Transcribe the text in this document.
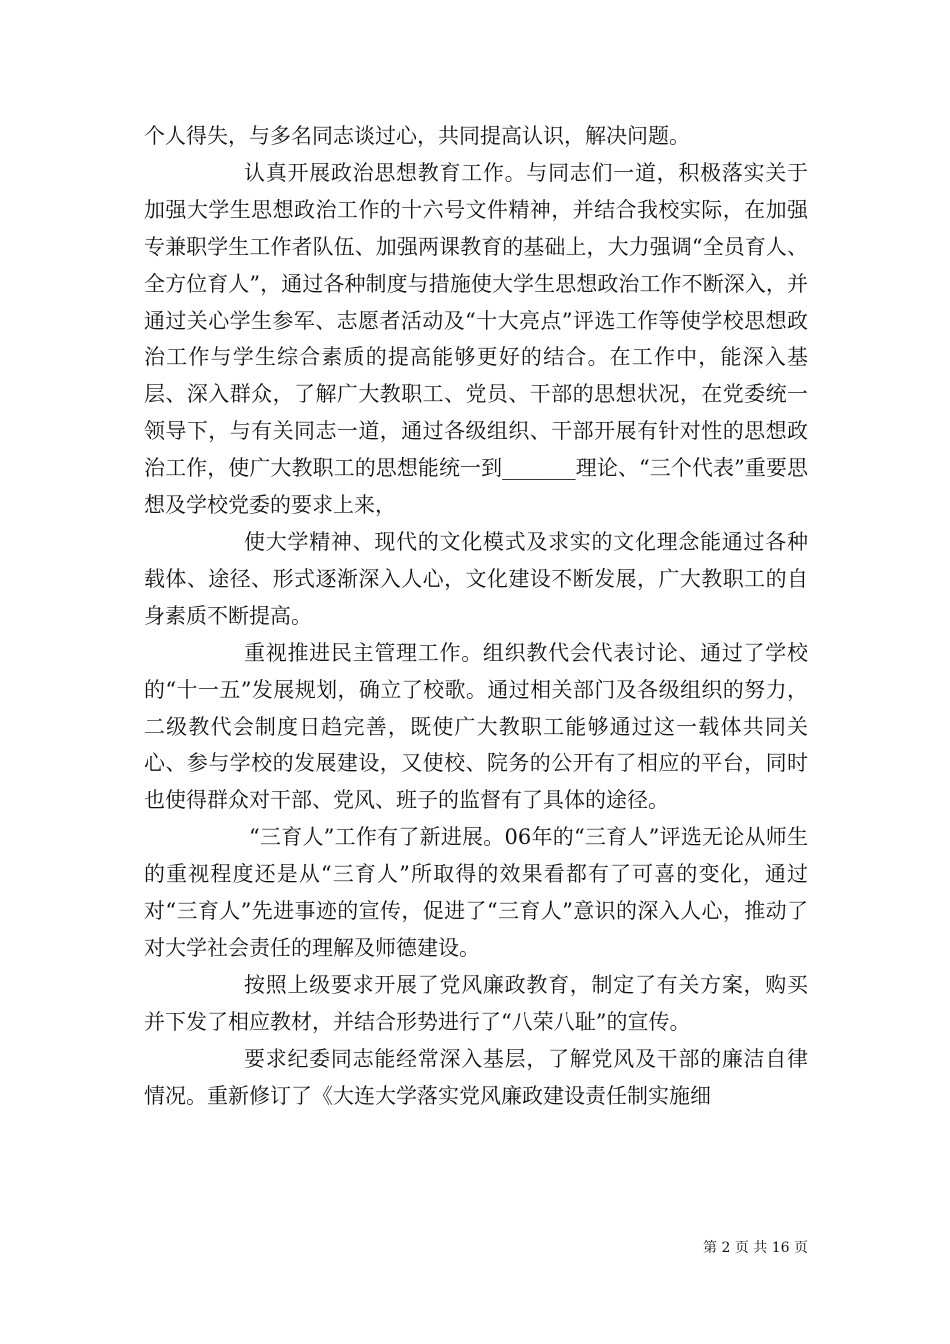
个人得失，与多名同志谈过心，共同提高认识，解决问题。

认真开展政治思想教育工作。与同志们一道，积极落实关于加强大学生思想政治工作的十六号文件精神，并结合我校实际，在加强专兼职学生工作者队伍、加强两课教育的基础上，大力强调“全员育人、全方位育人”，通过各种制度与措施使大学生思想政治工作不断深入，并通过关心学生参军、志愿者活动及“十大亮点”评选工作等使学校思想政治工作与学生综合素质的提高能够更好的结合。在工作中，能深入基层、深入群众，了解广大教职工、党员、干部的思想状况，在党委统一领导下，与有关同志一道，通过各级组织、干部开展有针对性的思想政治工作，使广大教职工的思想能统一到_______理论、“三个代表”重要思想及学校党委的要求上来，

使大学精神、现代的文化模式及求实的文化理念能通过各种载体、途径、形式逐渐深入人心，文化建设不断发展，广大教职工的自身素质不断提高。

重视推进民主管理工作。组织教代会代表讨论、通过了学校的“十一五”发展规划，确立了校歌。通过相关部门及各级组织的努力，二级教代会制度日趋完善，既使广大教职工能够通过这一载体共同关心、参与学校的发展建设，又使校、院务的公开有了相应的平台，同时也使得群众对干部、党风、班子的监督有了具体的途径。

“三育人”工作有了新进展。06年的“三育人”评选无论从师生的重视程度还是从“三育人”所取得的效果看都有了可喜的变化，通过对“三育人”先进事迹的宣传，促进了“三育人”意识的深入人心，推动了对大学社会责任的理解及师德建设。

按照上级要求开展了党风廉政教育，制定了有关方案，购买并下发了相应教材，并结合形势进行了“八荣八耻”的宣传。

要求纪委同志能经常深入基层，了解党风及干部的廉洁自律情况。重新修订了《大连大学落实党风廉政建设责任制实施细

第 2 页 共 16 页
